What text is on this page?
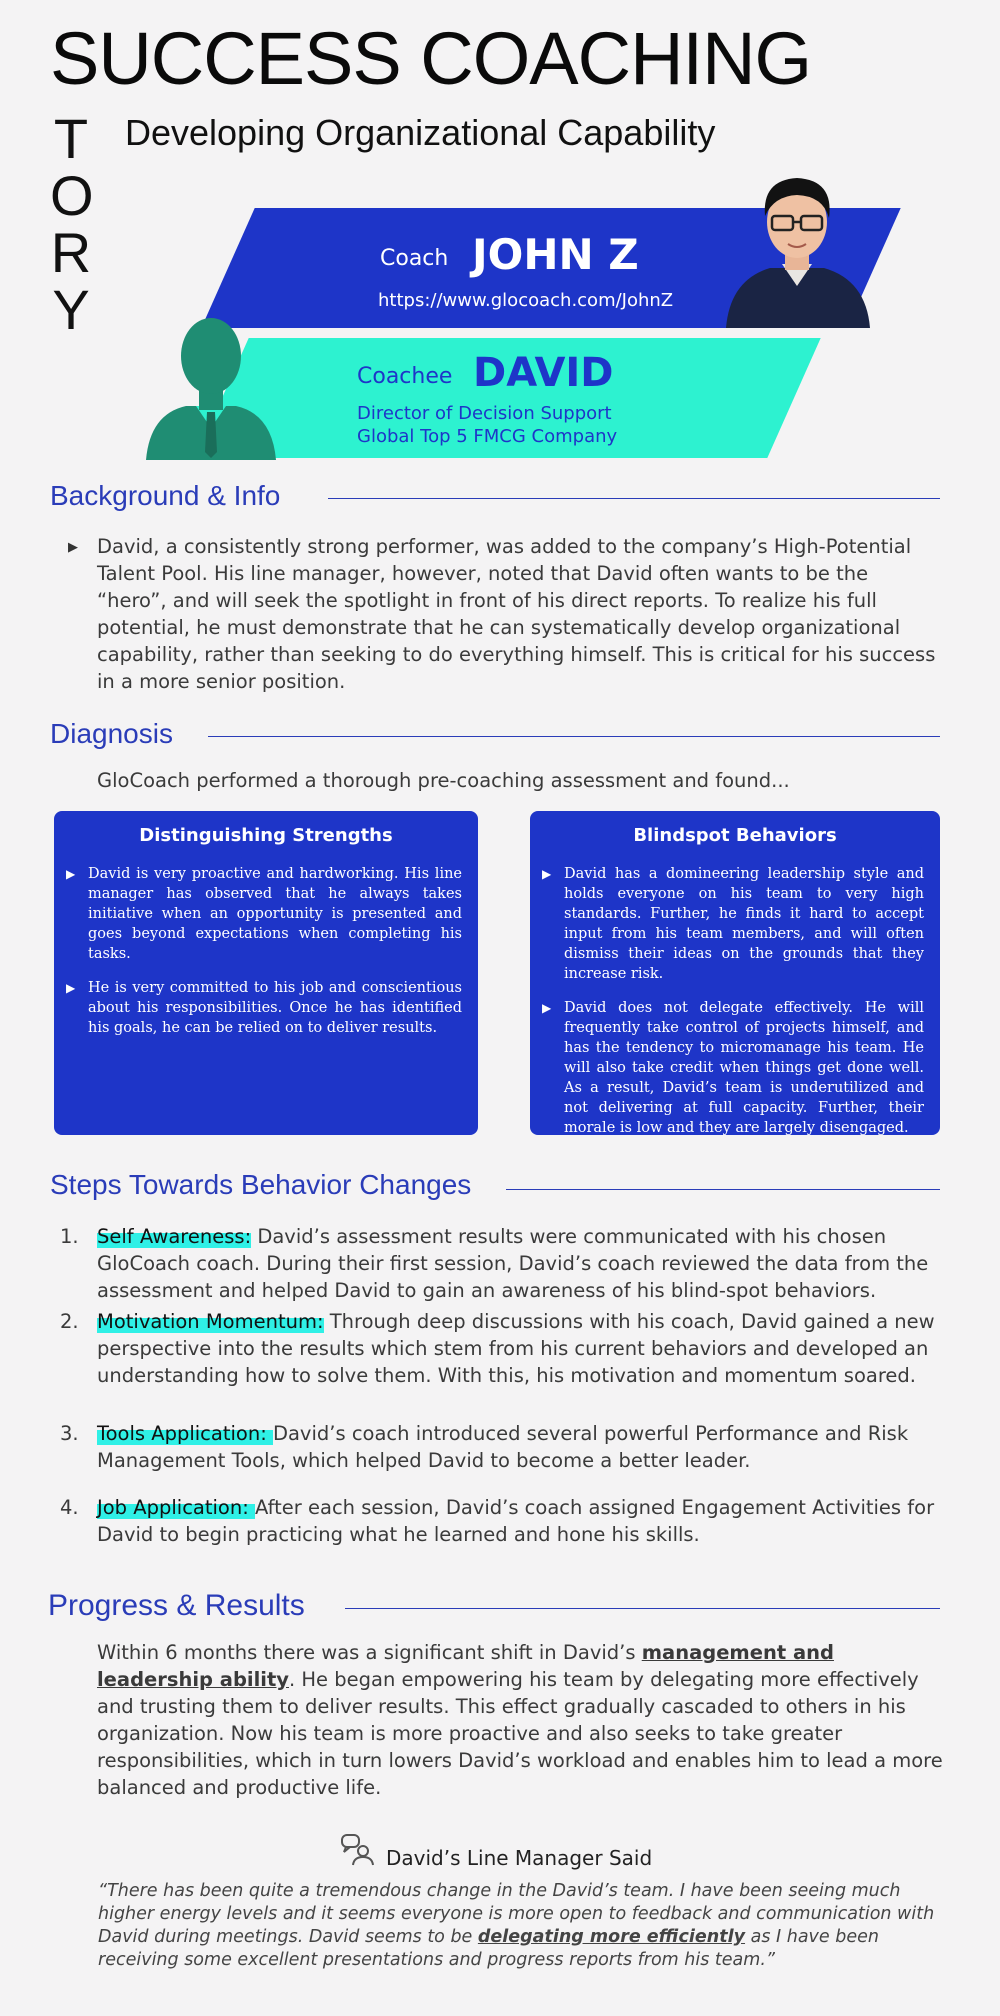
SUCCESS COACHING
T
O
R
Y
Developing Organizational Capability
Coach JOHN Z
https://www.glocoach.com/JohnZ
Coachee DAVID
Director of Decision Support
Global Top 5 FMCG Company
Background & Info
▶ David, a consistently strong performer, was added to the company’s High-Potential Talent Pool. His line manager, however, noted that David often wants to be the “hero”, and will seek the spotlight in front of his direct reports. To realize his full potential, he must demonstrate that he can systematically develop organizational capability, rather than seeking to do everything himself. This is critical for his success in a more senior position.
Diagnosis
GloCoach performed a thorough pre-coaching assessment and found...
Distinguishing Strengths
▶ David is very proactive and hardworking. His line manager has observed that he always takes initiative when an opportunity is presented and goes beyond expectations when completing his tasks.
▶ He is very committed to his job and conscientious about his responsibilities. Once he has identified his goals, he can be relied on to deliver results.
Blindspot Behaviors
▶ David has a domineering leadership style and holds everyone on his team to very high standards. Further, he finds it hard to accept input from his team members, and will often dismiss their ideas on the grounds that they increase risk.
▶ David does not delegate effectively. He will frequently take control of projects himself, and has the tendency to micromanage his team. He will also take credit when things get done well. As a result, David’s team is underutilized and not delivering at full capacity. Further, their morale is low and they are largely disengaged.
Steps Towards Behavior Changes
1. Self Awareness: David’s assessment results were communicated with his chosen GloCoach coach. During their first session, David’s coach reviewed the data from the assessment and helped David to gain an awareness of his blind-spot behaviors.
2. Motivation Momentum: Through deep discussions with his coach, David gained a new perspective into the results which stem from his current behaviors and developed an understanding how to solve them. With this, his motivation and momentum soared.
3. Tools Application: David’s coach introduced several powerful Performance and Risk Management Tools, which helped David to become a better leader.
4. Job Application: After each session, David’s coach assigned Engagement Activities for David to begin practicing what he learned and hone his skills.
Progress & Results
Within 6 months there was a significant shift in David’s management and leadership ability. He began empowering his team by delegating more effectively and trusting them to deliver results. This effect gradually cascaded to others in his organization. Now his team is more proactive and also seeks to take greater responsibilities, which in turn lowers David’s workload and enables him to lead a more balanced and productive life.
David’s Line Manager Said
“There has been quite a tremendous change in the David’s team. I have been seeing much higher energy levels and it seems everyone is more open to feedback and communication with David during meetings. David seems to be delegating more efficiently as I have been receiving some excellent presentations and progress reports from his team.”
